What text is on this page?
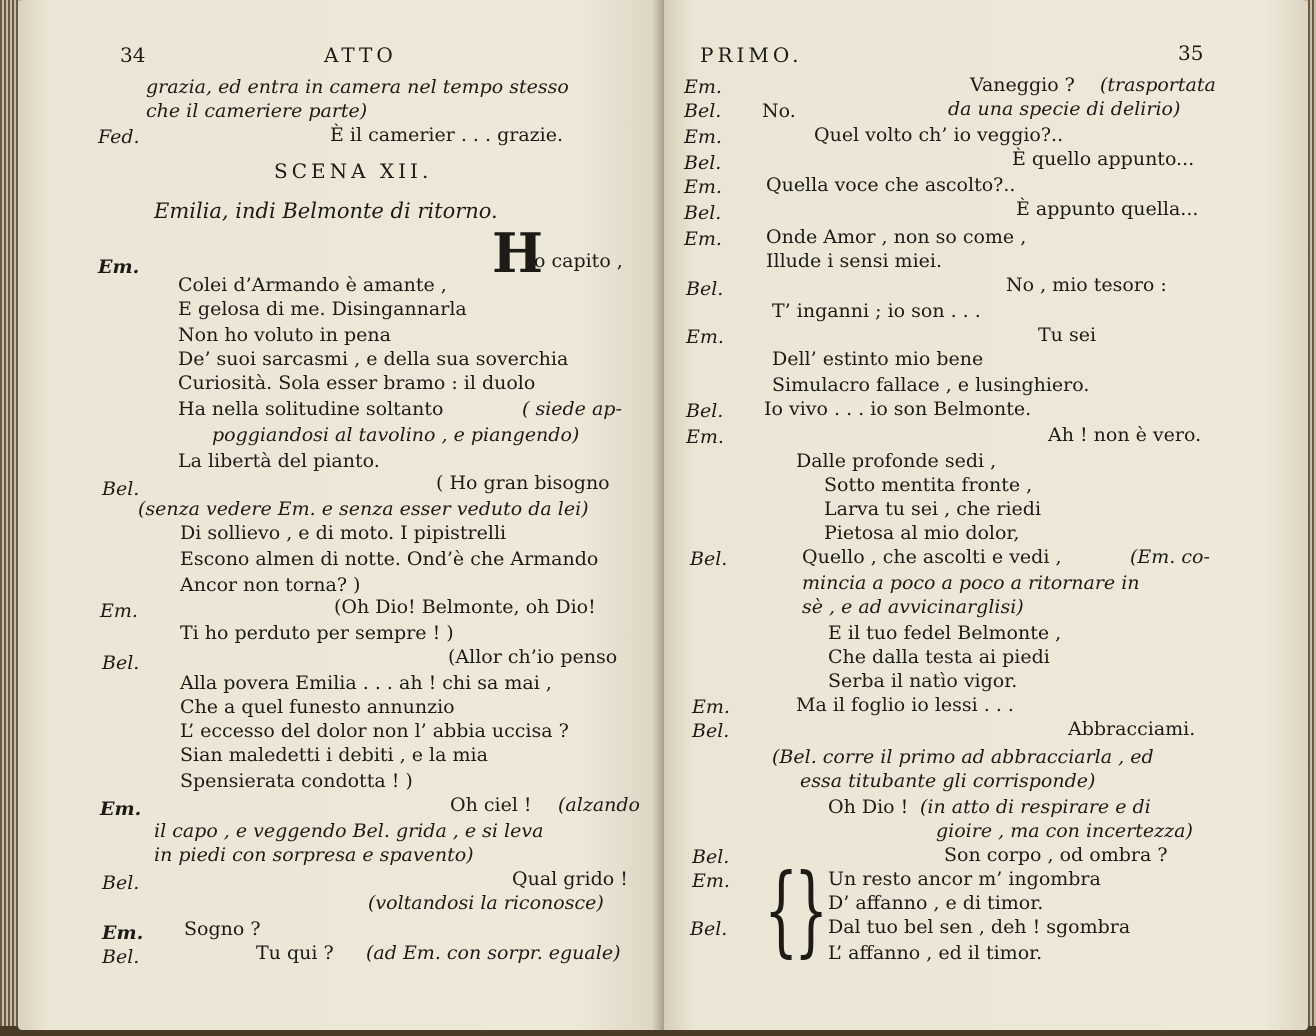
34	ATTO
grazia, ed entra in camera nel tempo stesso
che il cameriere parte)
Fed.	È il camerier . . . grazie.
SCENA XII.
Emilia, indi Belmonte di ritorno.
Em.	H
o capito ,
Colei d’Armando è amante ,
E gelosa di me. Disingannarla
Non ho voluto in pena
De’ suoi sarcasmi , e della sua soverchia
Curiosità. Sola esser bramo : il duolo
Ha nella solitudine soltanto	( siede ap-
poggiandosi al tavolino , e piangendo)
La libertà del pianto.
Bel.	( Ho gran bisogno
(senza vedere Em. e senza esser veduto da lei)
Di sollievo , e di moto. I pipistrelli
Escono almen di notte. Ond’è che Armando
Ancor non torna? )
Em.	(Oh Dio! Belmonte, oh Dio!
Ti ho perduto per sempre ! )
Bel.	(Allor ch’io penso
Alla povera Emilia . . . ah ! chi sa mai ,
Che a quel funesto annunzio
L’ eccesso del dolor non l’ abbia uccisa ?
Sian maledetti i debiti , e la mia
Spensierata condotta ! )
Em.	Oh ciel ! (alzando
il capo , e veggendo Bel. grida , e si leva
in piedi con sorpresa e spavento)
Bel.	Qual grido !
(voltandosi la riconosce)
Em. Sogno ?
Bel.	Tu qui ? (ad Em. con sorpr. eguale)
PRIMO.	35
Em.	Vaneggio ? (trasportata
Bel. No.	da una specie di delirio)
Em.	Quel volto ch’ io veggio?..
Bel.	È quello appunto...
Em. Quella voce che ascolto?..
Bel.	È appunto quella...
Em. Onde Amor , non so come ,
Illude i sensi miei.
Bel.	No , mio tesoro :
T’ inganni ; io son . . .
Em.	Tu sei
Dell’ estinto mio bene
Simulacro fallace , e lusinghiero.
Bel. Io vivo . . . io son Belmonte.
Em.	Ah ! non è vero.
Dalle profonde sedi ,
Sotto mentita fronte ,
Larva tu sei , che riedi
Pietosa al mio dolor,
Bel.	Quello , che ascolti e vedi ,	(Em. co-
mincia a poco a poco a ritornare in
sè , e ad avvicinarglisi)
E il tuo fedel Belmonte ,
Che dalla testa ai piedi
Serba il natìo vigor.
Em.	Ma il foglio io lessi . . .
Bel.	Abbracciami.
(Bel. corre il primo ad abbracciarla , ed
essa titubante gli corrisponde)
Oh Dio ! (in atto di respirare e di
gioire , ma con incertezza)
Bel.	Son corpo , od ombra ?
Em. {
} Un resto ancor m’ ingombra
D’ affanno , e di timor.
Bel.	Dal tuo bel sen , deh ! sgombra
L’ affanno , ed il timor.
